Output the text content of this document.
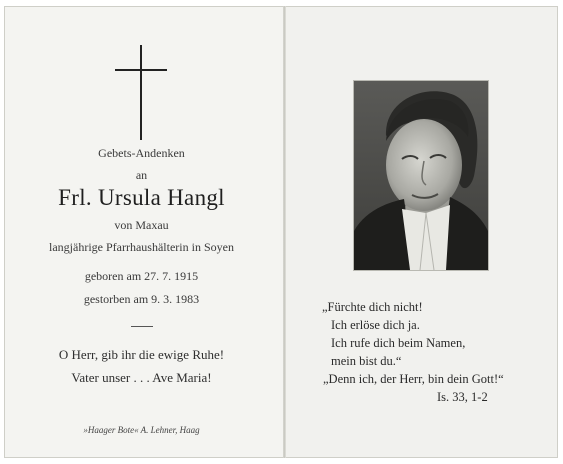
Gebets-Andenken
an
Frl. Ursula Hangl
von Maxau
langjährige Pfarrhaushälterin in Soyen
geboren am 27. 7. 1915
gestorben am 9. 3. 1983
O Herr, gib ihr die ewige Ruhe!
Vater unser . . . Ave Maria!
»Haager Bote« A. Lehner, Haag
„Fürchte dich nicht!
Ich erlöse dich ja.
Ich rufe dich beim Namen,
mein bist du.“
„Denn ich, der Herr, bin dein Gott!“
Is. 33, 1-2
